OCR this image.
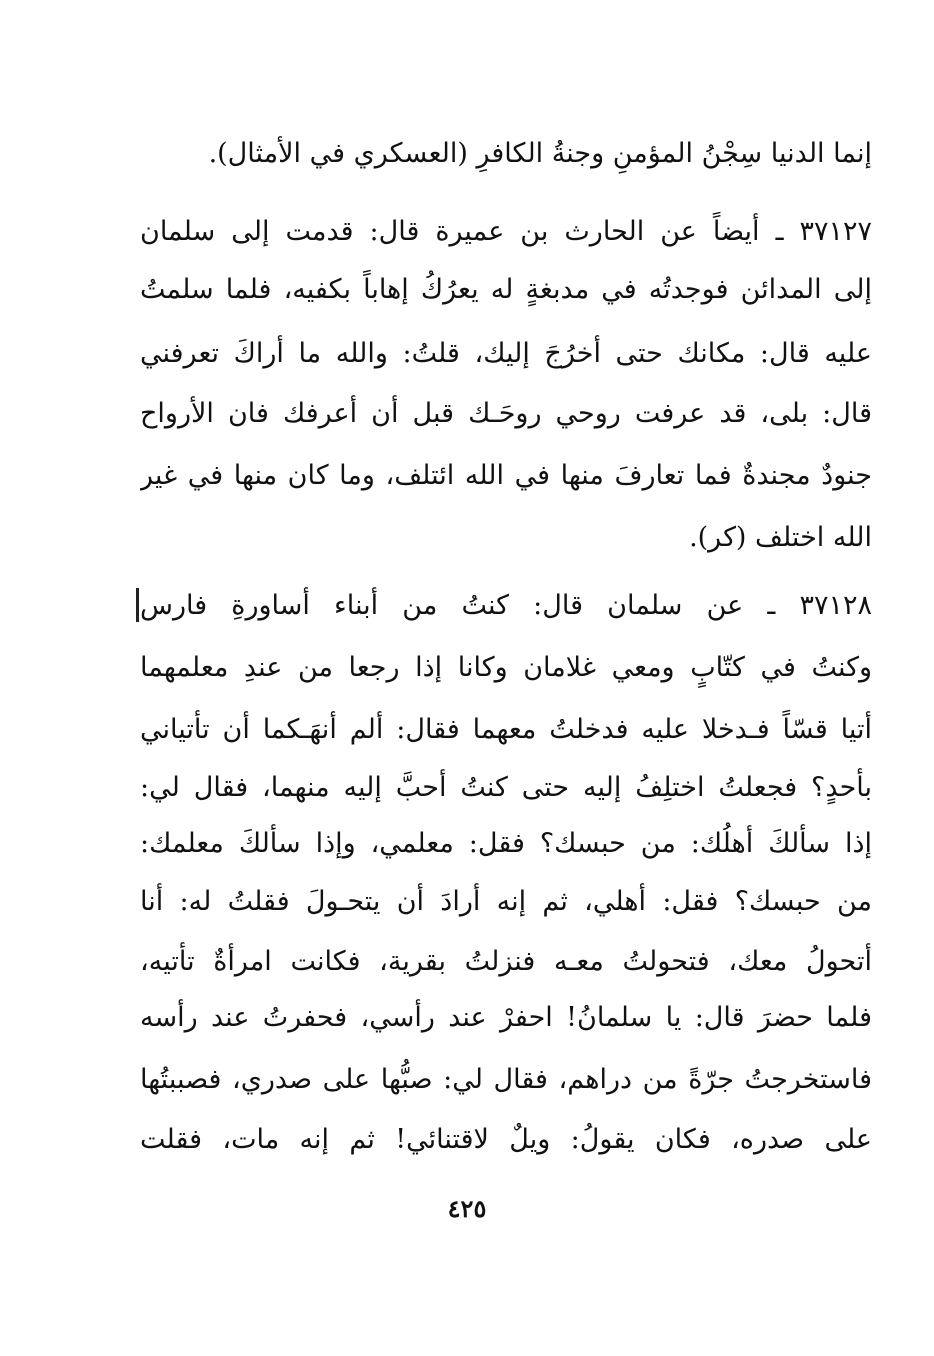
إنما الدنيا سِجْنُ المؤمنِ وجنةُ الكافرِ (العسكري في الأمثال).
٣٧١٢٧ ـ أيضاً عن الحارث بن عميرة قال: قدمت إلى سلمان
إلى المدائن فوجدتُه في مدبغةٍ له يعرُكُ إهاباً بكفيه، فلما سلمتُ
عليه قال: مكانك حتى أخرُجَ إليك، قلتُ: والله ما أراكَ تعرفني
قال: بلى، قد عرفت روحي روحَـك قبل أن أعرفك فان الأرواح
جنودٌ مجندةٌ فما تعارفَ منها في الله ائتلف، وما كان منها في غير
الله اختلف (كر).
٣٧١٢٨ ـ عن سلمان قال: كنتُ من أبناء أساورةِ فارس
وكنتُ في كتّابٍ ومعي غلامان وكانا إذا رجعا من عندِ معلمهما
أتيا قسّاً فـدخلا عليه فدخلتُ معهما فقال: ألم أنهَـكما أن تأتياني
بأحدٍ؟ فجعلتُ اختلِفُ إليه حتى كنتُ أحبَّ إليه منهما، فقال لي:
إذا سألكَ أهلُك: من حبسك؟ فقل: معلمي، وإذا سألكَ معلمك:
من حبسك؟ فقل: أهلي، ثم إنه أرادَ أن يتحـولَ فقلتُ له: أنا
أتحولُ معك، فتحولتُ معـه فنزلتُ بقرية، فكانت امرأةٌ تأتيه،
فلما حضرَ قال: يا سلمانُ! احفرْ عند رأسي، فحفرتُ عند رأسه
فاستخرجتُ جرّةً من دراهم، فقال لي: صبُّها على صدري، فصببتُها
على صدره، فكان يقولُ: ويلٌ لاقتنائي! ثم إنه مات، فقلت
٤٢٥
